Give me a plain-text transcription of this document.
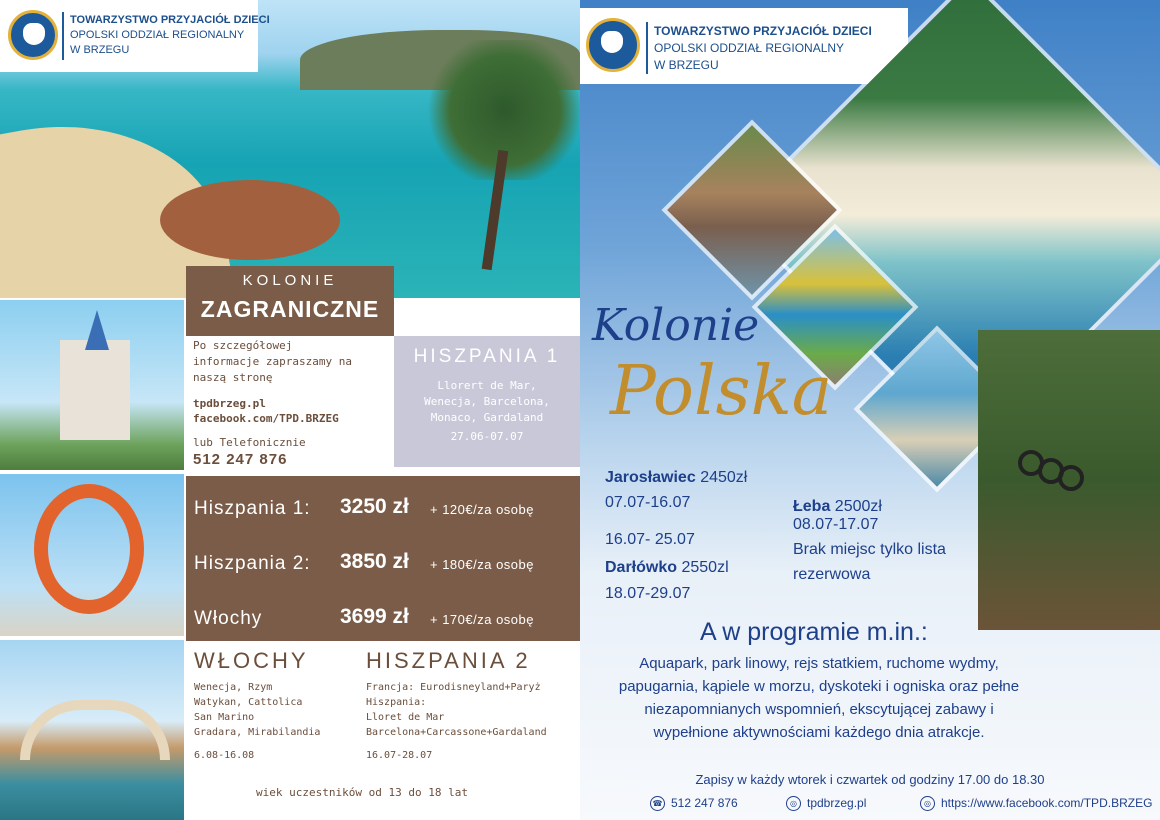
TOWARZYSTWO PRZYJACIÓŁ DZIECI
OPOLSKI ODDZIAŁ REGIONALNY
W BRZEGU
KOLONIE
ZAGRANICZNE
Po szczegółowej
informacje zapraszamy na
naszą stronę
tpdbrzeg.pl
facebook.com/TPD.BRZEG
lub Telefonicznie
512 247 876
HISZPANIA 1
Llorert de Mar,
Wenecja, Barcelona,
Monaco, Gardaland
27.06-07.07
Hiszpania 1: 3250 zł + 120€/za osobę
Hiszpania 2: 3850 zł + 180€/za osobę
Włochy	3699 zł + 170€/za osobę
WŁOCHY
Wenecja, Rzym
Watykan, Cattolica
San Marino
Gradara, Mirabilandia
6.08-16.08
HISZPANIA 2
Francja: Eurodisneyland+Paryż
Hiszpania:
Lloret de Mar
Barcelona+Carcassone+Gardaland
16.07-28.07
wiek uczestników od 13 do 18 lat
TOWARZYSTWO PRZYJACIÓŁ DZIECI
OPOLSKI ODDZIAŁ REGIONALNY
W BRZEGU
Kolonie
Polska
Jarosławiec 2450zł
07.07-16.07
16.07- 25.07
Darłówko 2550zl
18.07-29.07
Łeba 2500zł
08.07-17.07
Brak miejsc tylko lista
rezerwowa
A w programie m.in.:
Aquapark, park linowy, rejs statkiem, ruchome wydmy,
papugarnia, kąpiele w morzu, dyskoteki i ogniska oraz pełne
niezapomnianych wspomnień, ekscytującej zabawy i
wypełnione aktywnościami każdego dnia atrakcje.
Zapisy w każdy wtorek i czwartek od godziny 17.00 do 18.30
☎ 512 247 876	◎ tpdbrzeg.pl	◎ https://www.facebook.com/TPD.BRZEG
